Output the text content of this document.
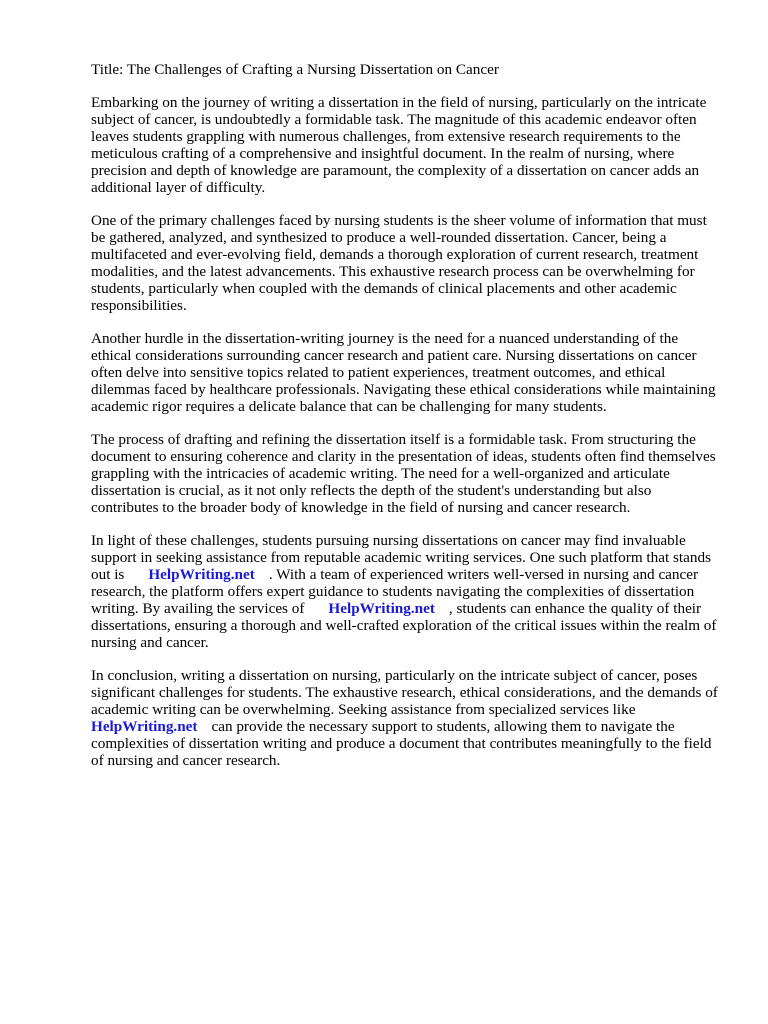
Title: The Challenges of Crafting a Nursing Dissertation on Cancer

Embarking on the journey of writing a dissertation in the field of nursing, particularly on the intricate subject of cancer, is undoubtedly a formidable task. The magnitude of this academic endeavor often leaves students grappling with numerous challenges, from extensive research requirements to the meticulous crafting of a comprehensive and insightful document. In the realm of nursing, where precision and depth of knowledge are paramount, the complexity of a dissertation on cancer adds an additional layer of difficulty.

One of the primary challenges faced by nursing students is the sheer volume of information that must be gathered, analyzed, and synthesized to produce a well-rounded dissertation. Cancer, being a multifaceted and ever-evolving field, demands a thorough exploration of current research, treatment modalities, and the latest advancements. This exhaustive research process can be overwhelming for students, particularly when coupled with the demands of clinical placements and other academic responsibilities.

Another hurdle in the dissertation-writing journey is the need for a nuanced understanding of the ethical considerations surrounding cancer research and patient care. Nursing dissertations on cancer often delve into sensitive topics related to patient experiences, treatment outcomes, and ethical dilemmas faced by healthcare professionals. Navigating these ethical considerations while maintaining academic rigor requires a delicate balance that can be challenging for many students.

The process of drafting and refining the dissertation itself is a formidable task. From structuring the document to ensuring coherence and clarity in the presentation of ideas, students often find themselves grappling with the intricacies of academic writing. The need for a well-organized and articulate dissertation is crucial, as it not only reflects the depth of the student's understanding but also contributes to the broader body of knowledge in the field of nursing and cancer research.

In light of these challenges, students pursuing nursing dissertations on cancer may find invaluable support in seeking assistance from reputable academic writing services. One such platform that stands out is HelpWriting.net . With a team of experienced writers well-versed in nursing and cancer research, the platform offers expert guidance to students navigating the complexities of dissertation writing. By availing the services of HelpWriting.net , students can enhance the quality of their dissertations, ensuring a thorough and well-crafted exploration of the critical issues within the realm of nursing and cancer.

In conclusion, writing a dissertation on nursing, particularly on the intricate subject of cancer, poses significant challenges for students. The exhaustive research, ethical considerations, and the demands of academic writing can be overwhelming. Seeking assistance from specialized services like HelpWriting.net can provide the necessary support to students, allowing them to navigate the complexities of dissertation writing and produce a document that contributes meaningfully to the field of nursing and cancer research.
